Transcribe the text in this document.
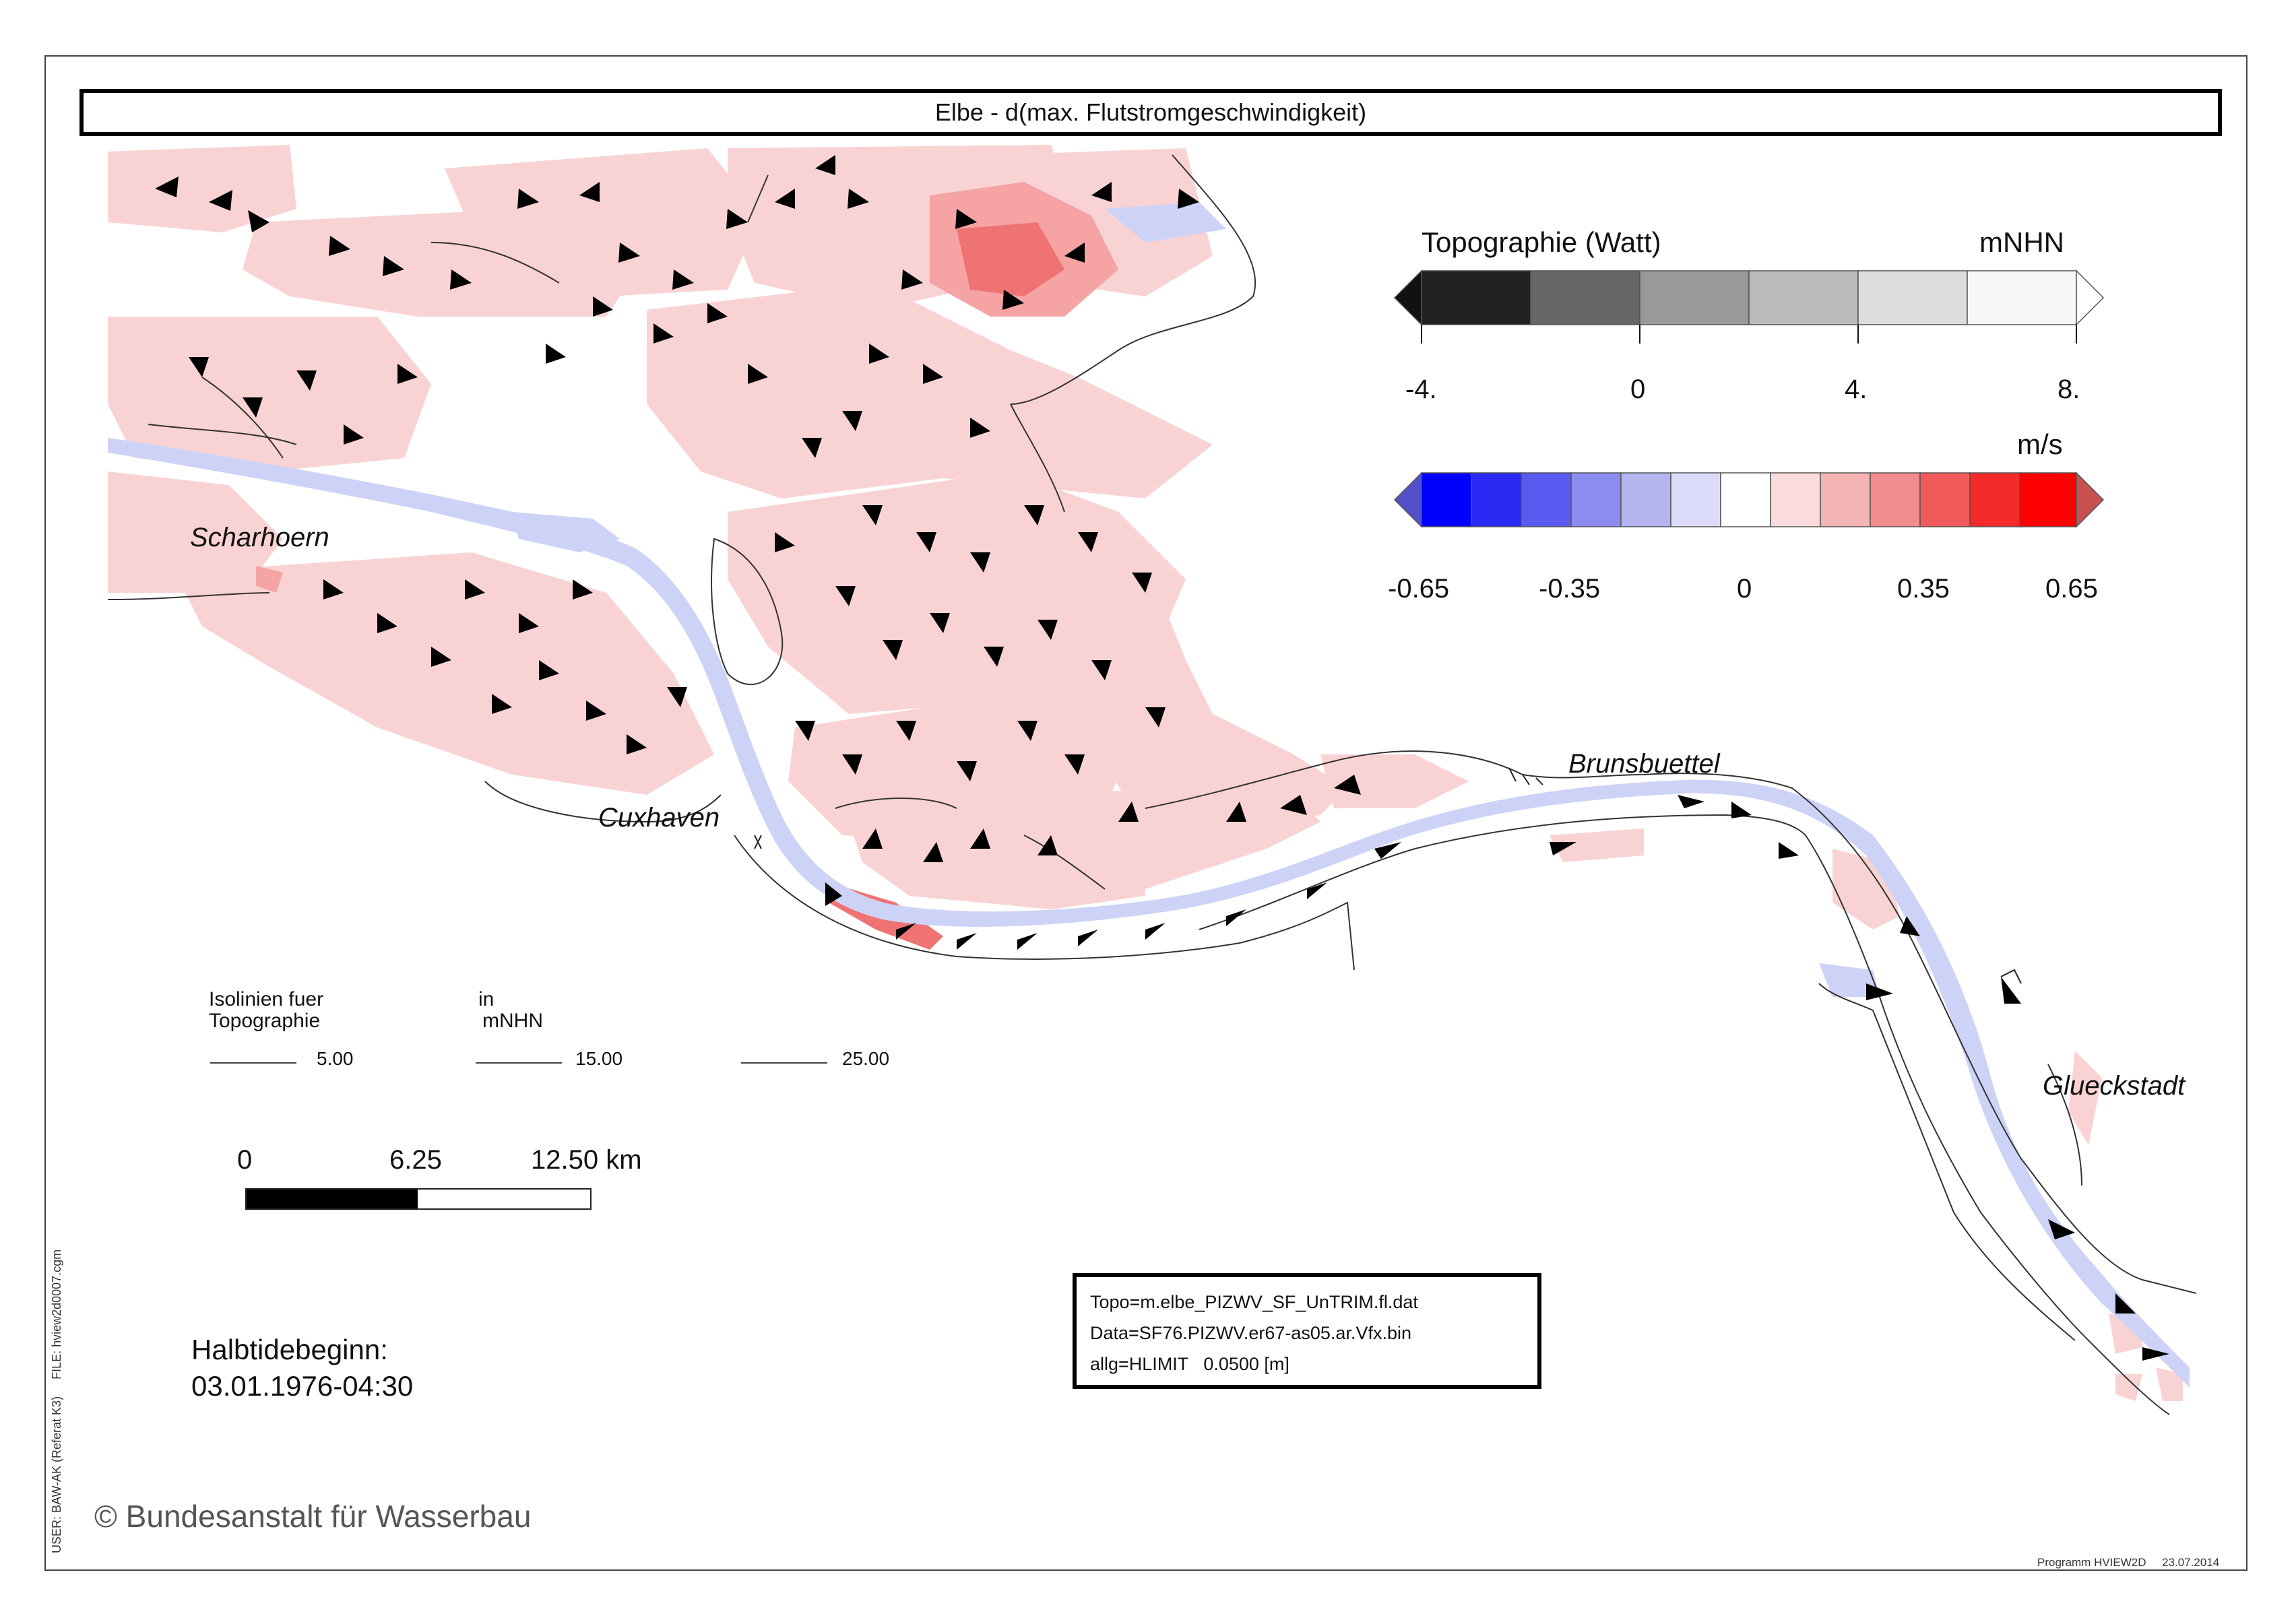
Elbe - d(max. Flutstromgeschwindigkeit)
Topographie (Watt)	mNHN
-4.	0	4.	8.
m/s
-0.65	-0.35	0	0.35	0.65
Scharhoern
Cuxhaven
Brunsbuettel
Glueckstadt
Isolinien fuer
Topographie
in
mNHN
5.00	15.00	25.00
0	6.25	12.50 km
Halbtidebeginn:
03.01.1976-04:30
Topo=m.elbe_PIZWV_SF_UnTRIM.fl.dat
Data=SF76.PIZWV.er67-as05.ar.Vfx.bin
allg=HLIMIT   0.0500 [m]
© Bundesanstalt für Wasserbau
USER: BAW-AK (Referat K3)     FILE: hview2d0007.cgm
Programm HVIEW2D     23.07.2014
